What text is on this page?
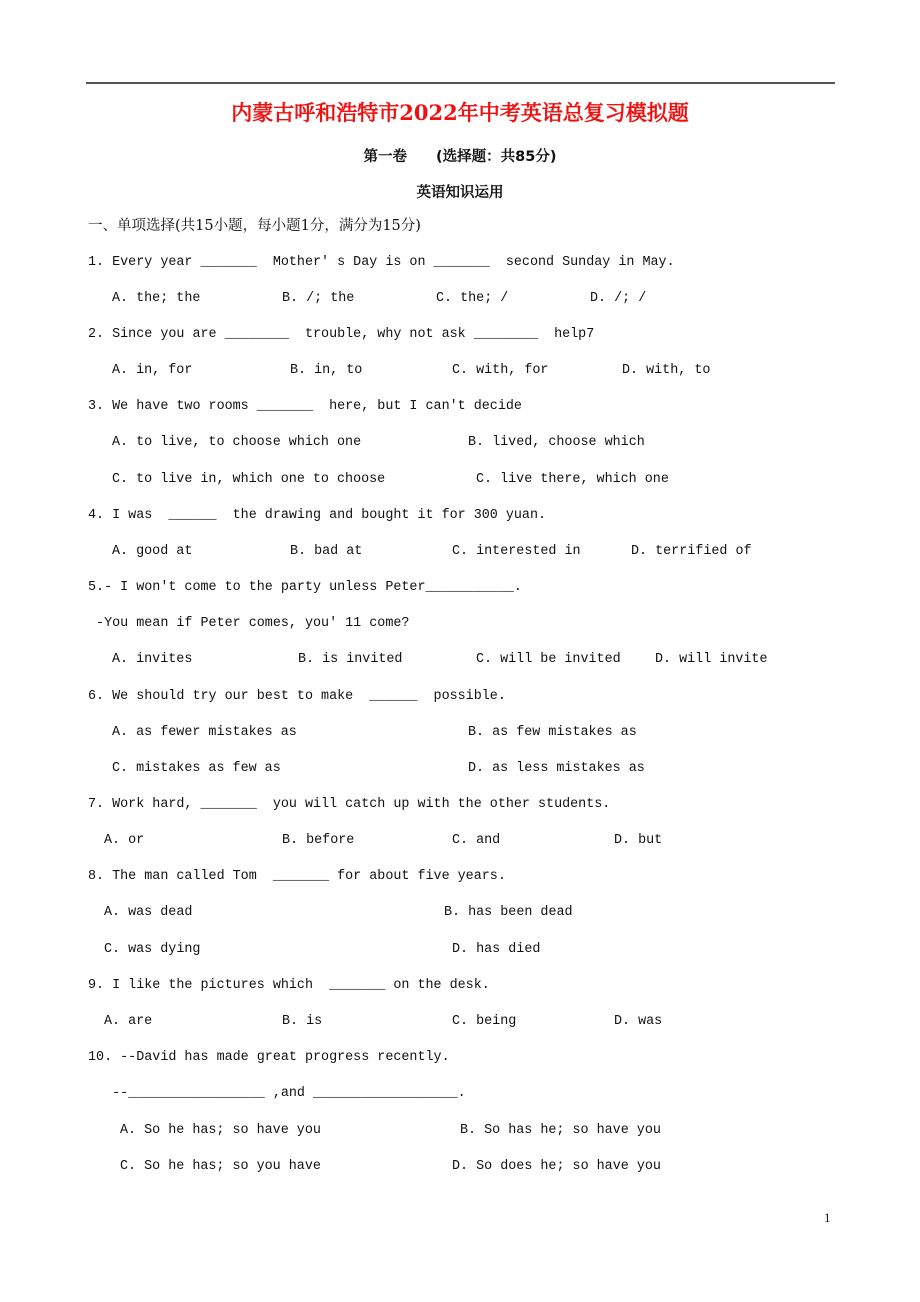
内蒙古呼和浩特市2022年中考英语总复习模拟题
第一卷　　(选择题：共85分)
英语知识运用
一、单项选择(共15小题，每小题1分，满分为15分)
1
1. Every year _______  Mother' s Day is on _______  second Sunday in May.
A. the; the	B. /; the	C. the; /	D. /; /
2. Since you are ________  trouble, why not ask ________  help7
A. in, for	B. in, to	C. with, for	D. with, to
3. We have two rooms _______  here, but I can't decide
A. to live, to choose which one	B. lived, choose which
C. to live in, which one to choose	C. live there, which one
4. I was  ______  the drawing and bought it for 300 yuan.
A. good at	B. bad at	C. interested in	D. terrified of
5.- I won't come to the party unless Peter___________.
-You mean if Peter comes, you' 11 come?
A. invites	B. is invited	C. will be invited	D. will invite
6. We should try our best to make  ______  possible.
A. as fewer mistakes as	B. as few mistakes as
C. mistakes as few as	D. as less mistakes as
7. Work hard, _______  you will catch up with the other students.
A. or	B. before	C. and	D. but
8. The man called Tom  _______ for about five years.
A. was dead	B. has been dead
C. was dying	D. has died
9. I like the pictures which  _______ on the desk.
A. are	B. is	C. being	D. was
10. --David has made great progress recently.
--_________________ ,and __________________.
A. So he has; so have you	B. So has he; so have you
C. So he has; so you have	D. So does he; so have you
